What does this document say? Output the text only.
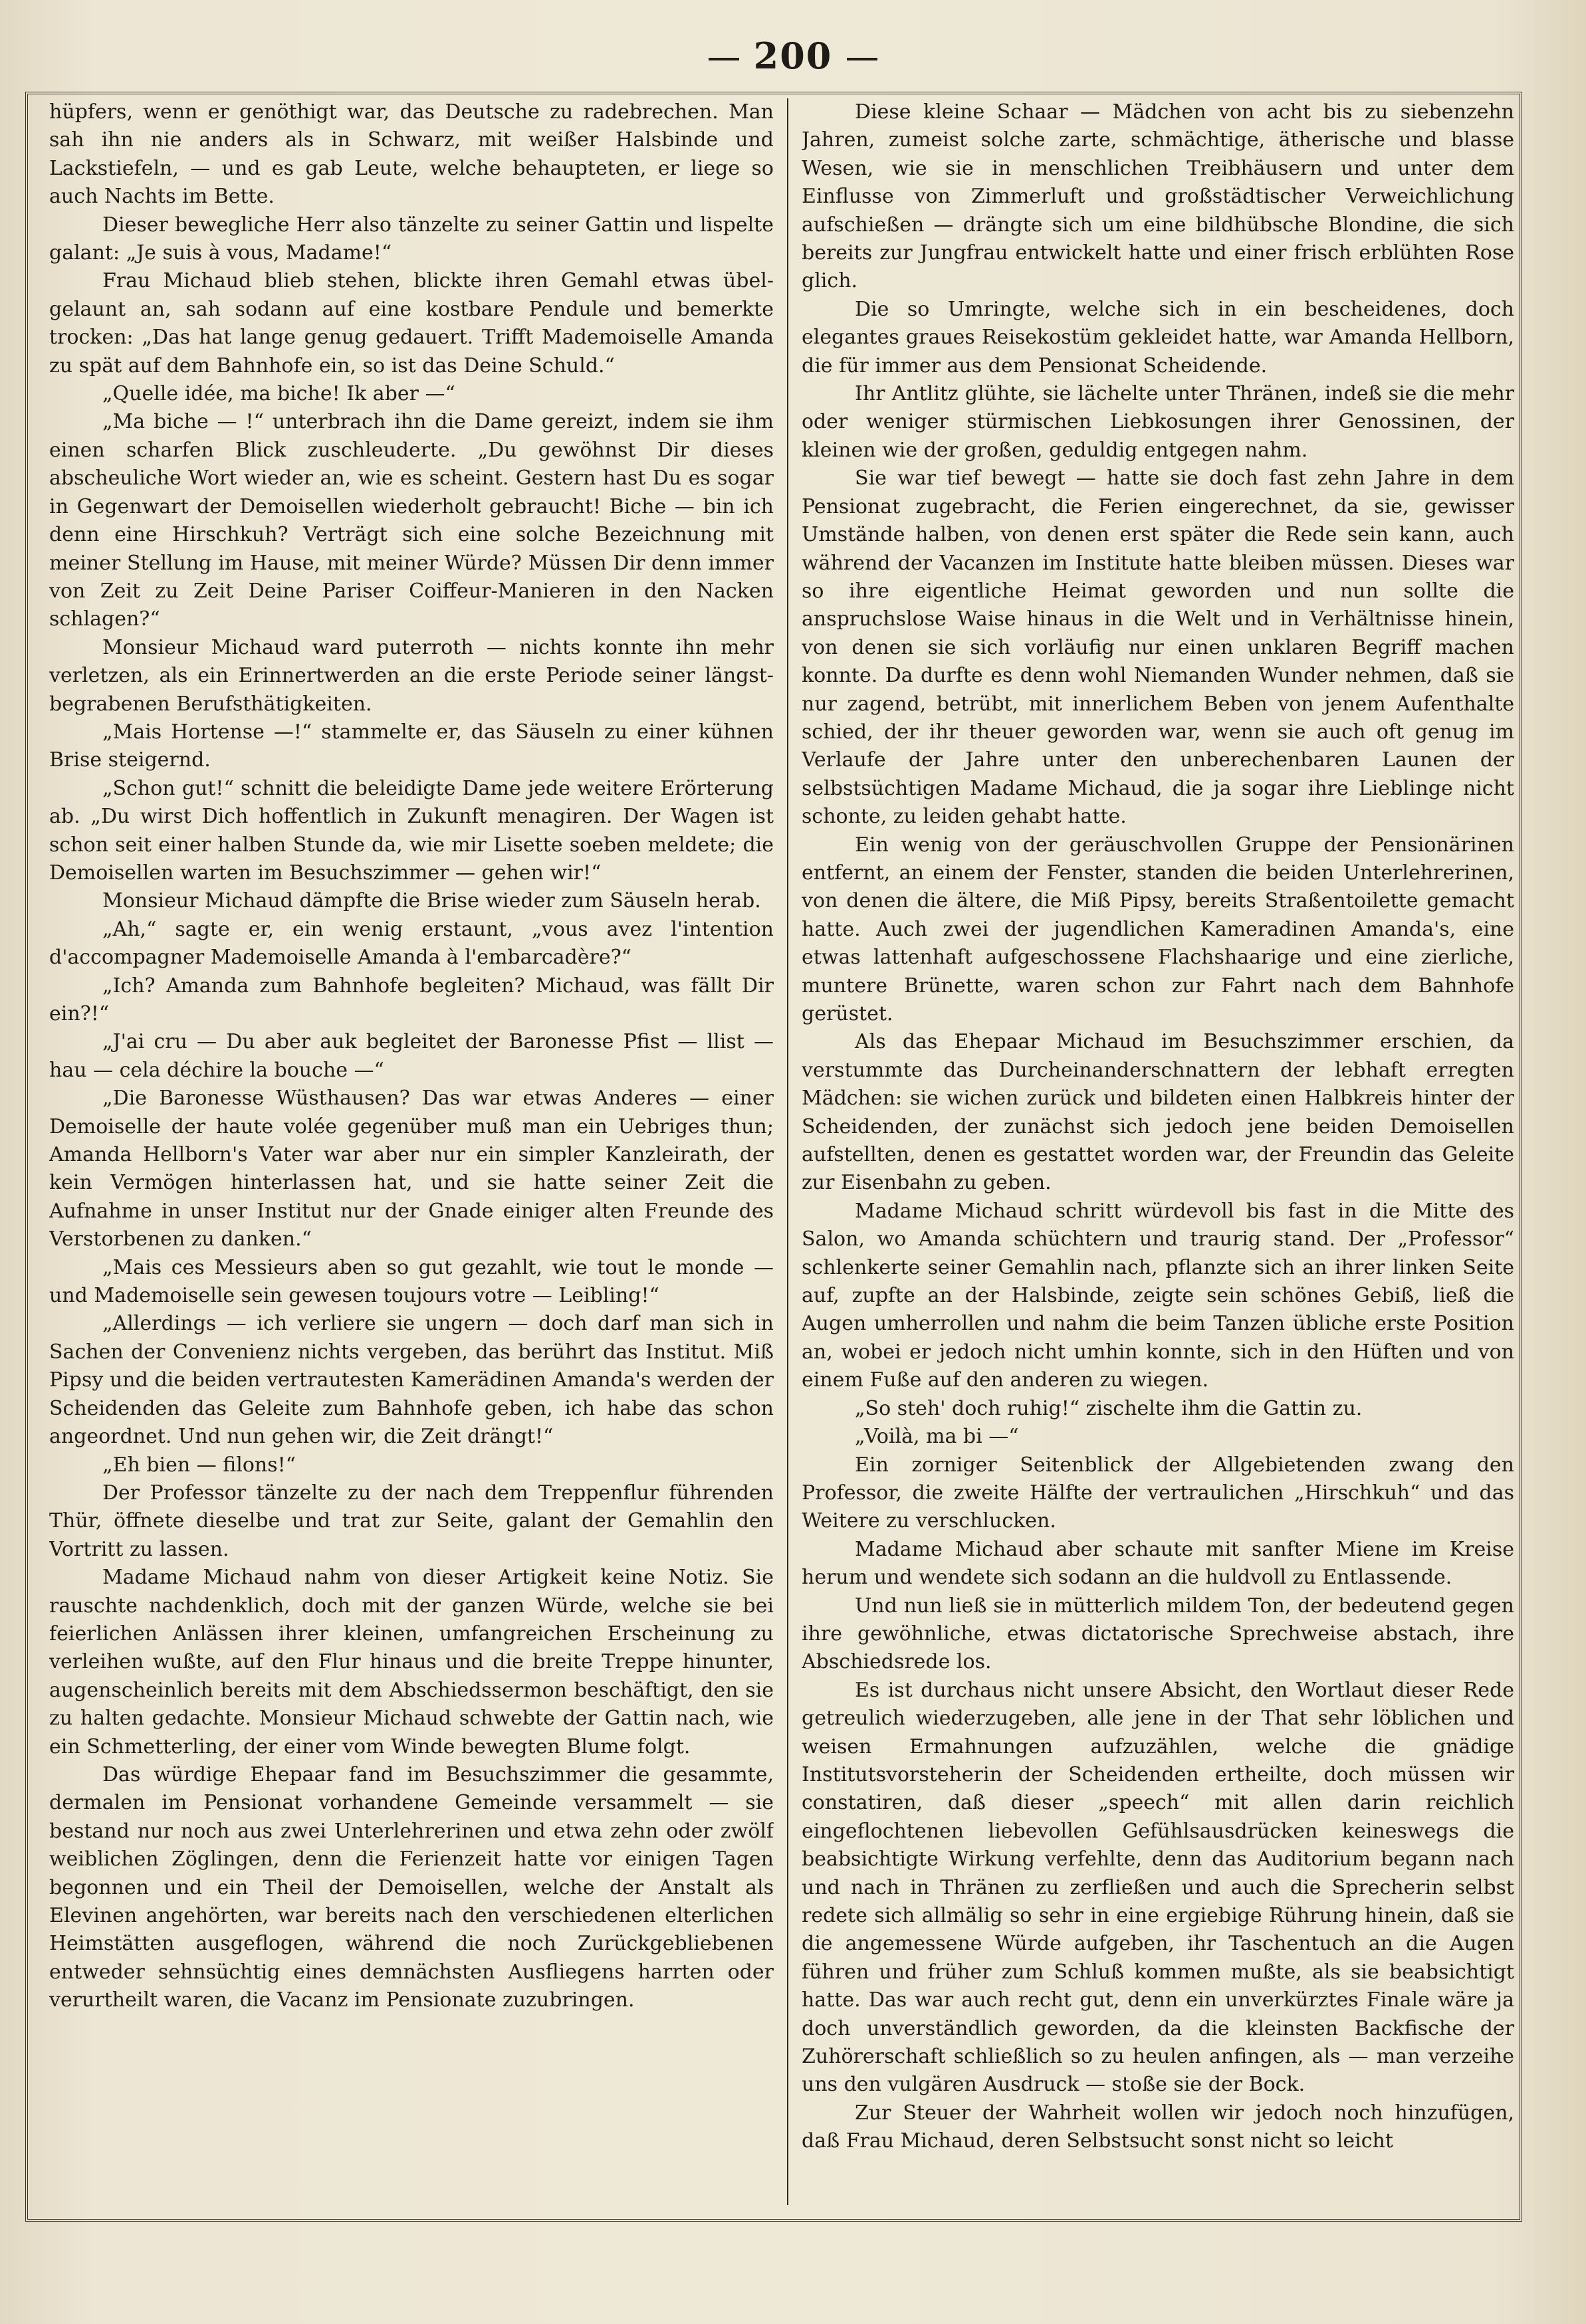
200

hüpfers, wenn er genöthigt war, das Deutsche zu radebrechen. Man sah ihn nie anders als in Schwarz, mit weißer Halsbinde und Lackstiefeln, — und es gab Leute, welche behaupteten, er liege so auch Nachts im Bette.

Dieser bewegliche Herr also tänzelte zu seiner Gattin und lispelte galant: „Je suis à vous, Madame!“

Frau Michaud blieb stehen, blickte ihren Gemahl etwas übel-gelaunt an, sah sodann auf eine kostbare Pendule und bemerkte trocken: „Das hat lange genug gedauert. Trifft Mademoiselle Amanda zu spät auf dem Bahnhofe ein, so ist das Deine Schuld.“

„Quelle idée, ma biche! Ik aber —“

„Ma biche — !“ unterbrach ihn die Dame gereizt, indem sie ihm einen scharfen Blick zuschleuderte. „Du gewöhnst Dir dieses abscheuliche Wort wieder an, wie es scheint. Gestern hast Du es sogar in Gegenwart der Demoisellen wiederholt gebraucht! Biche — bin ich denn eine Hirschkuh? Verträgt sich eine solche Bezeichnung mit meiner Stellung im Hause, mit meiner Würde? Müssen Dir denn immer von Zeit zu Zeit Deine Pariser Coiffeur-Manieren in den Nacken schlagen?“

Monsieur Michaud ward puterroth — nichts konnte ihn mehr verletzen, als ein Erinnertwerden an die erste Periode seiner längst-begrabenen Berufsthätigkeiten.

„Mais Hortense —!“ stammelte er, das Säuseln zu einer kühnen Brise steigernd.

„Schon gut!“ schnitt die beleidigte Dame jede weitere Erörterung ab. „Du wirst Dich hoffentlich in Zukunft menagiren. Der Wagen ist schon seit einer halben Stunde da, wie mir Lisette soeben meldete; die Demoisellen warten im Besuchszimmer — gehen wir!“

Monsieur Michaud dämpfte die Brise wieder zum Säuseln herab.

„Ah,“ sagte er, ein wenig erstaunt, „vous avez l'intention d'accompagner Mademoiselle Amanda à l'embarcadère?“

„Ich? Amanda zum Bahnhofe begleiten? Michaud, was fällt Dir ein?!“

„J'ai cru — Du aber auk begleitet der Baronesse Pfist — llist — hau — cela déchire la bouche —“

„Die Baronesse Wüsthausen? Das war etwas Anderes — einer Demoiselle der haute volée gegenüber muß man ein Uebriges thun; Amanda Hellborn's Vater war aber nur ein simpler Kanzleirath, der kein Vermögen hinterlassen hat, und sie hatte seiner Zeit die Aufnahme in unser Institut nur der Gnade einiger alten Freunde des Verstorbenen zu danken.“

„Mais ces Messieurs aben so gut gezahlt, wie tout le monde — und Mademoiselle sein gewesen toujours votre — Leibling!“

„Allerdings — ich verliere sie ungern — doch darf man sich in Sachen der Convenienz nichts vergeben, das berührt das Institut. Miß Pipsy und die beiden vertrautesten Kamerädinen Amanda's werden der Scheidenden das Geleite zum Bahnhofe geben, ich habe das schon angeordnet. Und nun gehen wir, die Zeit drängt!“

„Eh bien — filons!“

Der Professor tänzelte zu der nach dem Treppenflur führenden Thür, öffnete dieselbe und trat zur Seite, galant der Gemahlin den Vortritt zu lassen.

Madame Michaud nahm von dieser Artigkeit keine Notiz. Sie rauschte nachdenklich, doch mit der ganzen Würde, welche sie bei feierlichen Anlässen ihrer kleinen, umfangreichen Erscheinung zu verleihen wußte, auf den Flur hinaus und die breite Treppe hinunter, augenscheinlich bereits mit dem Abschiedssermon beschäftigt, den sie zu halten gedachte. Monsieur Michaud schwebte der Gattin nach, wie ein Schmetterling, der einer vom Winde bewegten Blume folgt.

Das würdige Ehepaar fand im Besuchszimmer die gesammte, dermalen im Pensionat vorhandene Gemeinde versammelt — sie bestand nur noch aus zwei Unterlehrerinen und etwa zehn oder zwölf weiblichen Zöglingen, denn die Ferienzeit hatte vor einigen Tagen begonnen und ein Theil der Demoisellen, welche der Anstalt als Elevinen angehörten, war bereits nach den verschiedenen elterlichen Heimstätten ausgeflogen, während die noch Zurückgebliebenen entweder sehnsüchtig eines demnächsten Ausfliegens harrten oder verurtheilt waren, die Vacanz im Pensionate zuzubringen.

Diese kleine Schaar — Mädchen von acht bis zu siebenzehn Jahren, zumeist solche zarte, schmächtige, ätherische und blasse Wesen, wie sie in menschlichen Treibhäusern und unter dem Einflusse von Zimmerluft und großstädtischer Verweichlichung aufschießen — drängte sich um eine bildhübsche Blondine, die sich bereits zur Jungfrau entwickelt hatte und einer frisch erblühten Rose glich.

Die so Umringte, welche sich in ein bescheidenes, doch elegantes graues Reisekostüm gekleidet hatte, war Amanda Hellborn, die für immer aus dem Pensionat Scheidende.

Ihr Antlitz glühte, sie lächelte unter Thränen, indeß sie die mehr oder weniger stürmischen Liebkosungen ihrer Genossinen, der kleinen wie der großen, geduldig entgegen nahm.

Sie war tief bewegt — hatte sie doch fast zehn Jahre in dem Pensionat zugebracht, die Ferien eingerechnet, da sie, gewisser Umstände halben, von denen erst später die Rede sein kann, auch während der Vacanzen im Institute hatte bleiben müssen. Dieses war so ihre eigentliche Heimat geworden und nun sollte die anspruchslose Waise hinaus in die Welt und in Verhältnisse hinein, von denen sie sich vorläufig nur einen unklaren Begriff machen konnte. Da durfte es denn wohl Niemanden Wunder nehmen, daß sie nur zagend, betrübt, mit innerlichem Beben von jenem Aufenthalte schied, der ihr theuer geworden war, wenn sie auch oft genug im Verlaufe der Jahre unter den unberechenbaren Launen der selbstsüchtigen Madame Michaud, die ja sogar ihre Lieblinge nicht schonte, zu leiden gehabt hatte.

Ein wenig von der geräuschvollen Gruppe der Pensionärinen entfernt, an einem der Fenster, standen die beiden Unterlehrerinen, von denen die ältere, die Miß Pipsy, bereits Straßentoilette gemacht hatte. Auch zwei der jugendlichen Kameradinen Amanda's, eine etwas lattenhaft aufgeschossene Flachshaarige und eine zierliche, muntere Brünette, waren schon zur Fahrt nach dem Bahnhofe gerüstet.

Als das Ehepaar Michaud im Besuchszimmer erschien, da verstummte das Durcheinanderschnattern der lebhaft erregten Mädchen: sie wichen zurück und bildeten einen Halbkreis hinter der Scheidenden, der zunächst sich jedoch jene beiden Demoisellen aufstellten, denen es gestattet worden war, der Freundin das Geleite zur Eisenbahn zu geben.

Madame Michaud schritt würdevoll bis fast in die Mitte des Salon, wo Amanda schüchtern und traurig stand. Der „Professor“ schlenkerte seiner Gemahlin nach, pflanzte sich an ihrer linken Seite auf, zupfte an der Halsbinde, zeigte sein schönes Gebiß, ließ die Augen umherrollen und nahm die beim Tanzen übliche erste Position an, wobei er jedoch nicht umhin konnte, sich in den Hüften und von einem Fuße auf den anderen zu wiegen.

„So steh' doch ruhig!“ zischelte ihm die Gattin zu.

„Voilà, ma bi —“

Ein zorniger Seitenblick der Allgebietenden zwang den Professor, die zweite Hälfte der vertraulichen „Hirschkuh“ und das Weitere zu verschlucken.

Madame Michaud aber schaute mit sanfter Miene im Kreise herum und wendete sich sodann an die huldvoll zu Entlassende.

Und nun ließ sie in mütterlich mildem Ton, der bedeutend gegen ihre gewöhnliche, etwas dictatorische Sprechweise abstach, ihre Abschiedsrede los.

Es ist durchaus nicht unsere Absicht, den Wortlaut dieser Rede getreulich wiederzugeben, alle jene in der That sehr löblichen und weisen Ermahnungen aufzuzählen, welche die gnädige Institutsvorsteherin der Scheidenden ertheilte, doch müssen wir constatiren, daß dieser „speech“ mit allen darin reichlich eingeflochtenen liebevollen Gefühlsausdrücken keineswegs die beabsichtigte Wirkung verfehlte, denn das Auditorium begann nach und nach in Thränen zu zerfließen und auch die Sprecherin selbst redete sich allmälig so sehr in eine ergiebige Rührung hinein, daß sie die angemessene Würde aufgeben, ihr Taschentuch an die Augen führen und früher zum Schluß kommen mußte, als sie beabsichtigt hatte. Das war auch recht gut, denn ein unverkürztes Finale wäre ja doch unverständlich geworden, da die kleinsten Backfische der Zuhörerschaft schließlich so zu heulen anfingen, als — man verzeihe uns den vulgären Ausdruck — stoße sie der Bock.

Zur Steuer der Wahrheit wollen wir jedoch noch hinzufügen, daß Frau Michaud, deren Selbstsucht sonst nicht so leicht
